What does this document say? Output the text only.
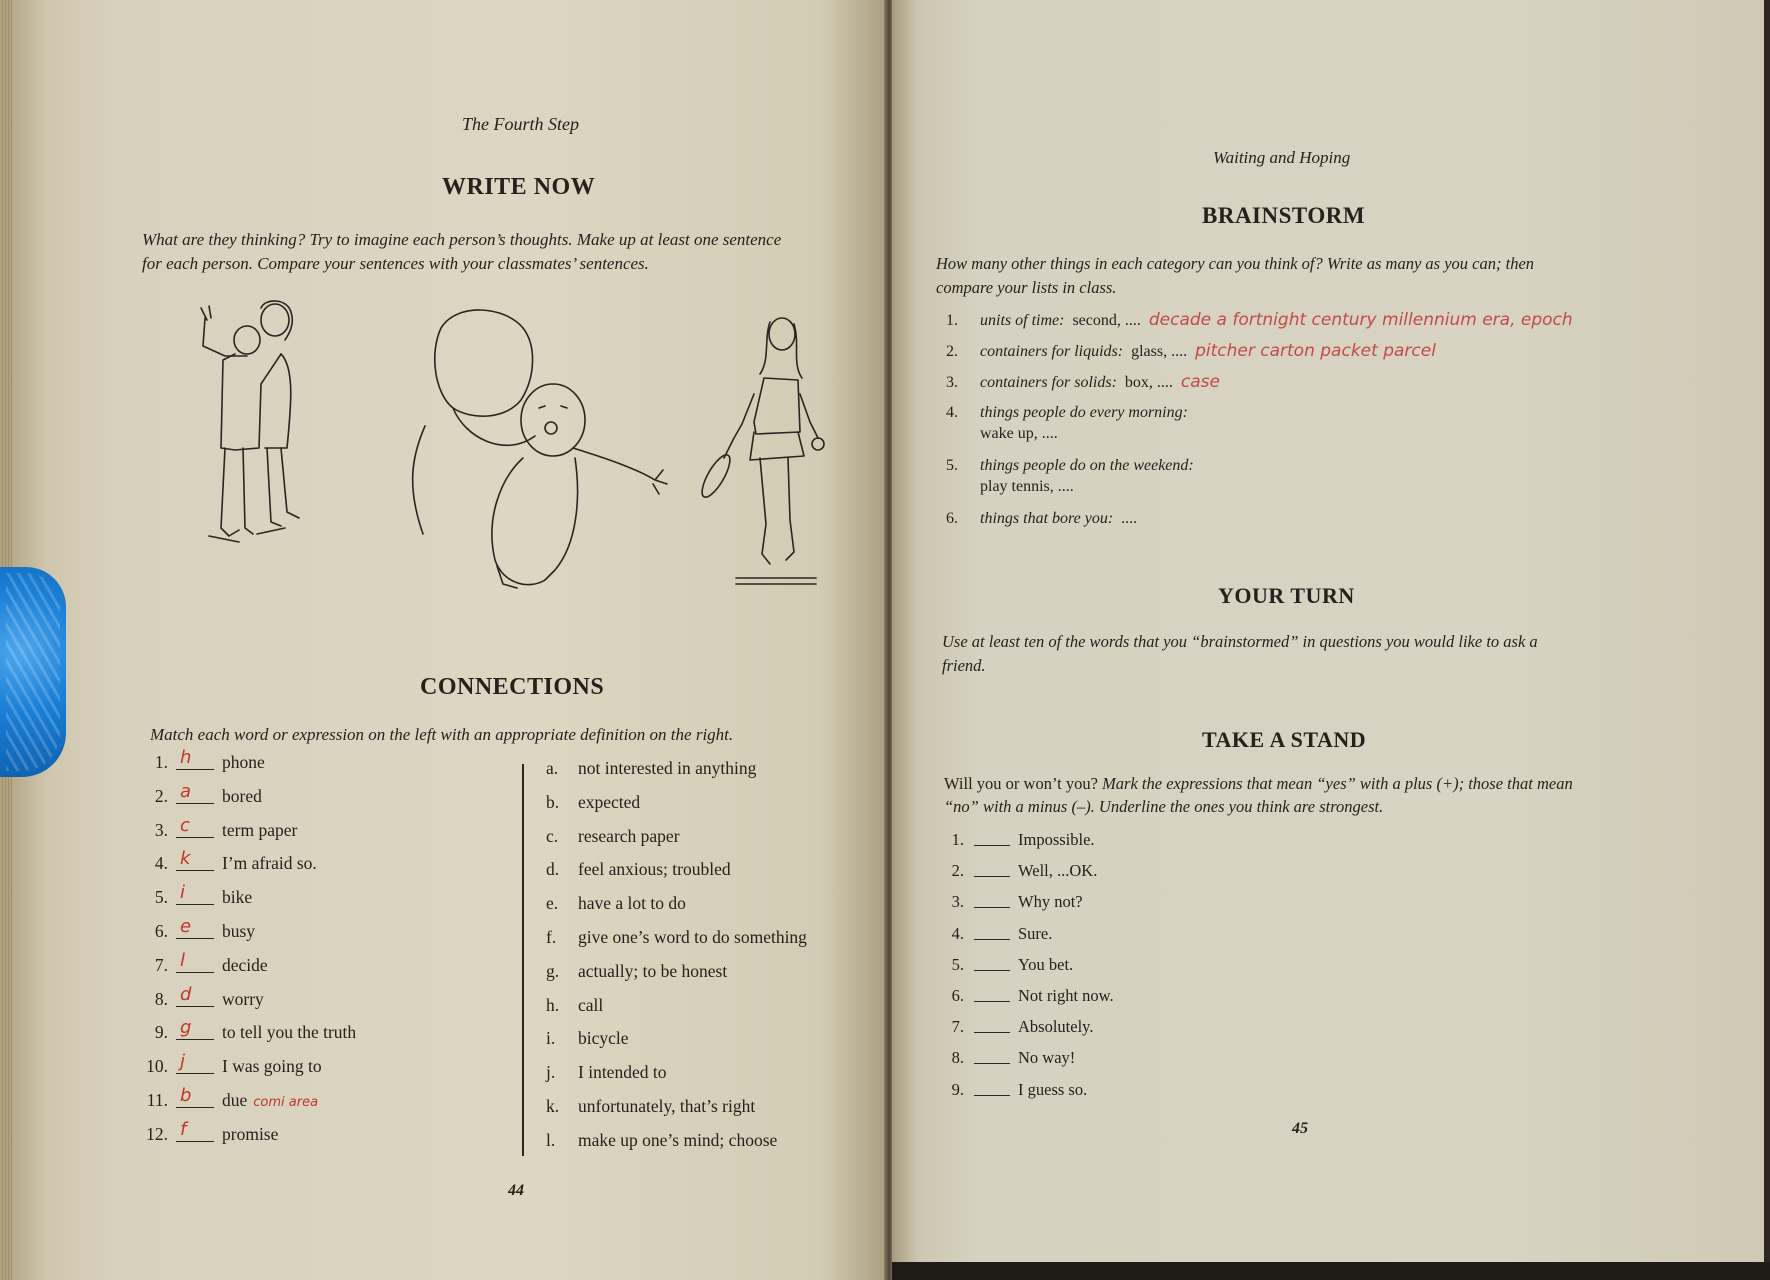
The Fourth Step
WRITE NOW
What are they thinking? Try to imagine each person’s thoughts. Make up at least one sentence
for each person. Compare your sentences with your classmates’ sentences.
CONNECTIONS
Match each word or expression on the left with an appropriate definition on the right.
1. h phone
2. a bored
3. c term paper
4. k I’m afraid so.
5. i bike
6. e busy
7. l decide
8. d worry
9. g to tell you the truth
10. j I was going to
11. b due comi area
12. f promise
a. not interested in anything
b. expected
c. research paper
d. feel anxious; troubled
e. have a lot to do
f. give one’s word to do something
g. actually; to be honest
h. call
i. bicycle
j. I intended to
k. unfortunately, that’s right
l. make up one’s mind; choose
44
Waiting and Hoping
BRAINSTORM
How many other things in each category can you think of? Write as many as you can; then
compare your lists in class.
1.	units of time: second, .... decade a fortnight century millennium era, epoch
2.	containers for liquids: glass, .... pitcher carton packet parcel
3.	containers for solids: box, .... case
4.	things people do every morning:
wake up, ....
5.	things people do on the weekend:
play tennis, ....
6.	things that bore you: ....
YOUR TURN
Use at least ten of the words that you “brainstormed” in questions you would like to ask a
friend.
TAKE A STAND
Will you or won’t you? Mark the expressions that mean “yes” with a plus (+); those that mean
“no” with a minus (–). Underline the ones you think are strongest.
1.	Impossible.
2.	Well, ...OK.
3.	Why not?
4.	Sure.
5.	You bet.
6.	Not right now.
7.	Absolutely.
8.	No way!
9.	I guess so.
45
